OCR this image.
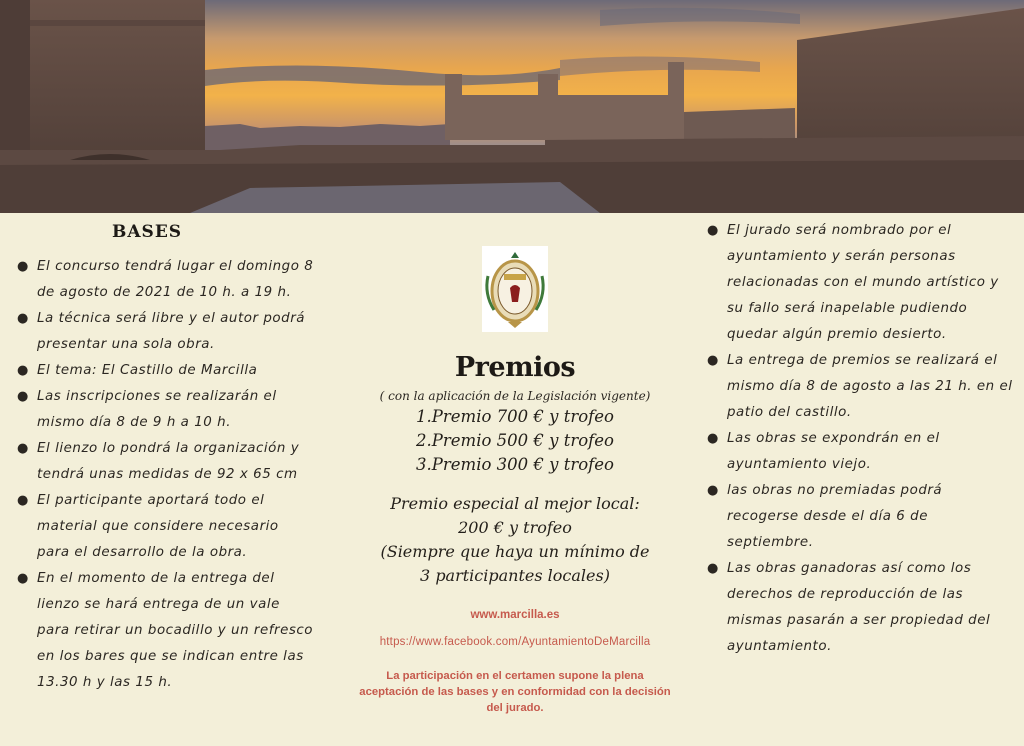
BASES
● El concurso tendrá lugar el domingo 8 de agosto de 2021 de 10 h. a 19 h.
● La técnica será libre y el autor podrá presentar una sola obra.
● El tema: El Castillo de Marcilla
● Las inscripciones se realizarán el mismo día 8 de 9 h a 10 h.
● El lienzo lo pondrá la organización y tendrá unas medidas de 92 x 65 cm
● El participante aportará todo el material que considere necesario para el desarrollo de la obra.
● En el momento de la entrega del lienzo se hará entrega de un vale para retirar un bocadillo y un refresco en los bares que se indican entre las 13.30 h y las 15 h.
Premios
( con la aplicación de la Legislación vigente)
1.Premio 700 € y trofeo
2.Premio 500 € y trofeo
3.Premio 300 € y trofeo
Premio especial al mejor local:
200 € y trofeo
(Siempre que haya un mínimo de
3 participantes locales)
www.marcilla.es
https://www.facebook.com/AyuntamientoDeMarcilla
La participación en el certamen supone la plena aceptación de las bases y en conformidad con la decisión del jurado.
● El jurado será nombrado por el ayuntamiento y serán personas relacionadas con el mundo artístico y su fallo será inapelable pudiendo quedar algún premio desierto.
● La entrega de premios se realizará el mismo día 8 de agosto a las 21 h. en el patio del castillo.
● Las obras se expondrán en el ayuntamiento viejo.
● las obras no premiadas podrá recogerse desde el día 6 de septiembre.
● Las obras ganadoras así como los derechos de reproducción de las mismas pasarán a ser propiedad del ayuntamiento.
